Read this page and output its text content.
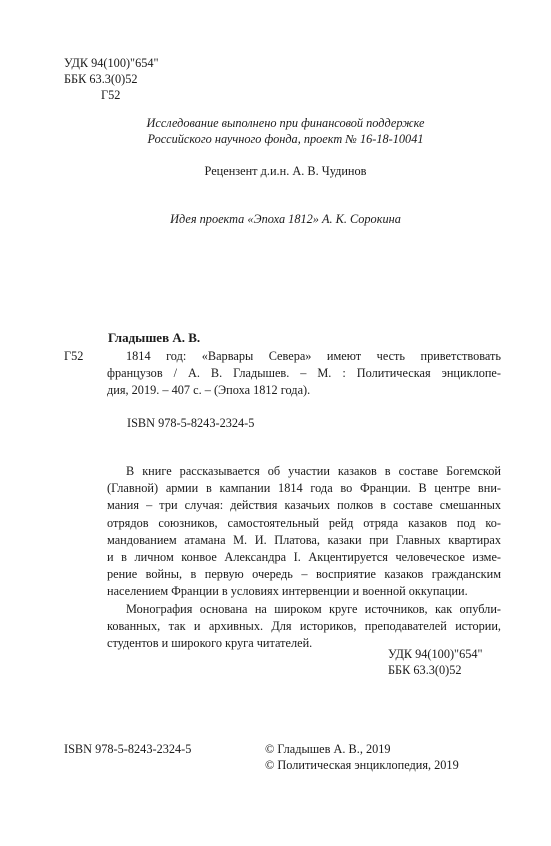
УДК 94(100)"654"
ББК 63.3(0)52
Г52
Исследование выполнено при финансовой поддержке
Российского научного фонда, проект № 16-18-10041
Рецензент д.и.н. А. В. Чудинов
Идея проекта «Эпоха 1812» А. К. Сорокина
Гладышев А. В.
Г52	1814 год: «Варвары Севера» имеют честь приветствовать
французов / А. В. Гладышев. – М. : Политическая энциклопе-
дия, 2019. – 407 с. – (Эпоха 1812 года).
ISBN 978-5-8243-2324-5
В книге рассказывается об участии казаков в составе Богемской
(Главной) армии в кампании 1814 года во Франции. В центре вни-
мания – три случая: действия казачьих полков в составе смешанных
отрядов союзников, самостоятельный рейд отряда казаков под ко-
мандованием атамана М. И. Платова, казаки при Главных квартирах
и в личном конвое Александра I. Акцентируется человеческое изме-
рение войны, в первую очередь – восприятие казаков гражданским
населением Франции в условиях интервенции и военной оккупации.
Монография основана на широком круге источников, как опубли-
кованных, так и архивных. Для историков, преподавателей истории,
студентов и широкого круга читателей.
УДК 94(100)"654"
ББК 63.3(0)52
ISBN 978-5-8243-2324-5	© Гладышев А. В., 2019
© Политическая энциклопедия, 2019
